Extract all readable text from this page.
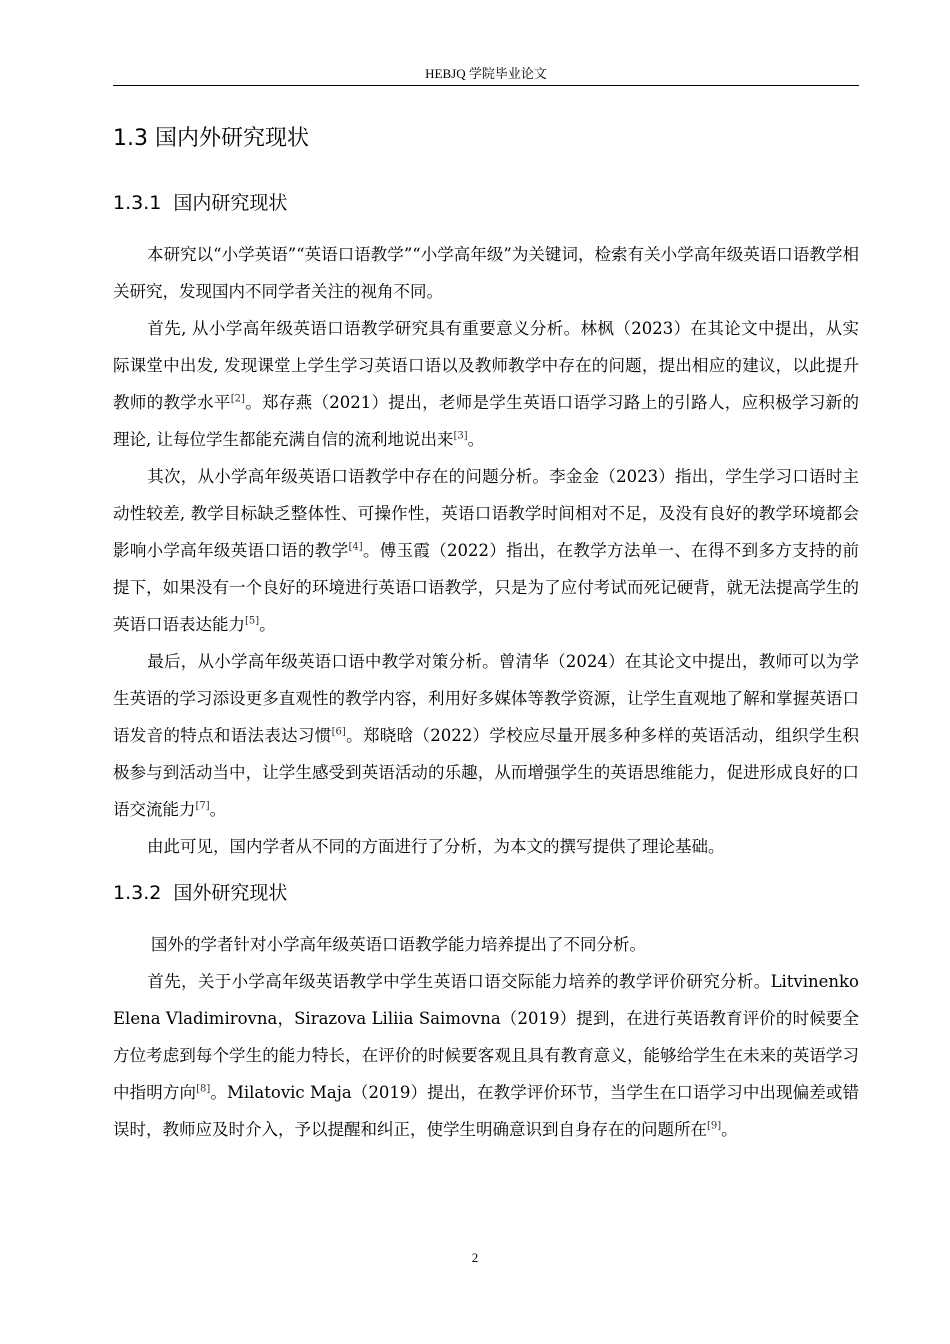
HEBJQ 学院毕业论文
1.3 国内外研究现状
1.3.1 国内研究现状
本研究以“小学英语”“英语口语教学”“小学高年级”为关键词，检索有关小学高年级英语口语教学相关研究，发现国内不同学者关注的视角不同。
首先, 从小学高年级英语口语教学研究具有重要意义分析。林枫（2023）在其论文中提出，从实际课堂中出发, 发现课堂上学生学习英语口语以及教师教学中存在的问题，提出相应的建议，以此提升教师的教学水平[2]。郑存燕（2021）提出，老师是学生英语口语学习路上的引路人，应积极学习新的理论, 让每位学生都能充满自信的流利地说出来[3]。
其次，从小学高年级英语口语教学中存在的问题分析。李金金（2023）指出，学生学习口语时主动性较差, 教学目标缺乏整体性、可操作性，英语口语教学时间相对不足，及没有良好的教学环境都会影响小学高年级英语口语的教学[4]。傅玉霞（2022）指出，在教学方法单一、在得不到多方支持的前提下，如果没有一个良好的环境进行英语口语教学，只是为了应付考试而死记硬背，就无法提高学生的英语口语表达能力[5]。
最后，从小学高年级英语口语中教学对策分析。曾清华（2024）在其论文中提出，教师可以为学生英语的学习添设更多直观性的教学内容，利用好多媒体等教学资源，让学生直观地了解和掌握英语口语发音的特点和语法表达习惯[6]。郑晓晗（2022）学校应尽量开展多种多样的英语活动，组织学生积极参与到活动当中，让学生感受到英语活动的乐趣，从而增强学生的英语思维能力，促进形成良好的口语交流能力[7]。
由此可见，国内学者从不同的方面进行了分析，为本文的撰写提供了理论基础。
1.3.2 国外研究现状
国外的学者针对小学高年级英语口语教学能力培养提出了不同分析。
首先，关于小学高年级英语教学中学生英语口语交际能力培养的教学评价研究分析。Litvinenko Elena Vladimirovna，Sirazova Liliia Saimovna（2019）提到，在进行英语教育评价的时候要全方位考虑到每个学生的能力特长，在评价的时候要客观且具有教育意义，能够给学生在未来的英语学习中指明方向[8]。Milatovic Maja（2019）提出，在教学评价环节，当学生在口语学习中出现偏差或错误时，教师应及时介入，予以提醒和纠正，使学生明确意识到自身存在的问题所在[9]。
2
